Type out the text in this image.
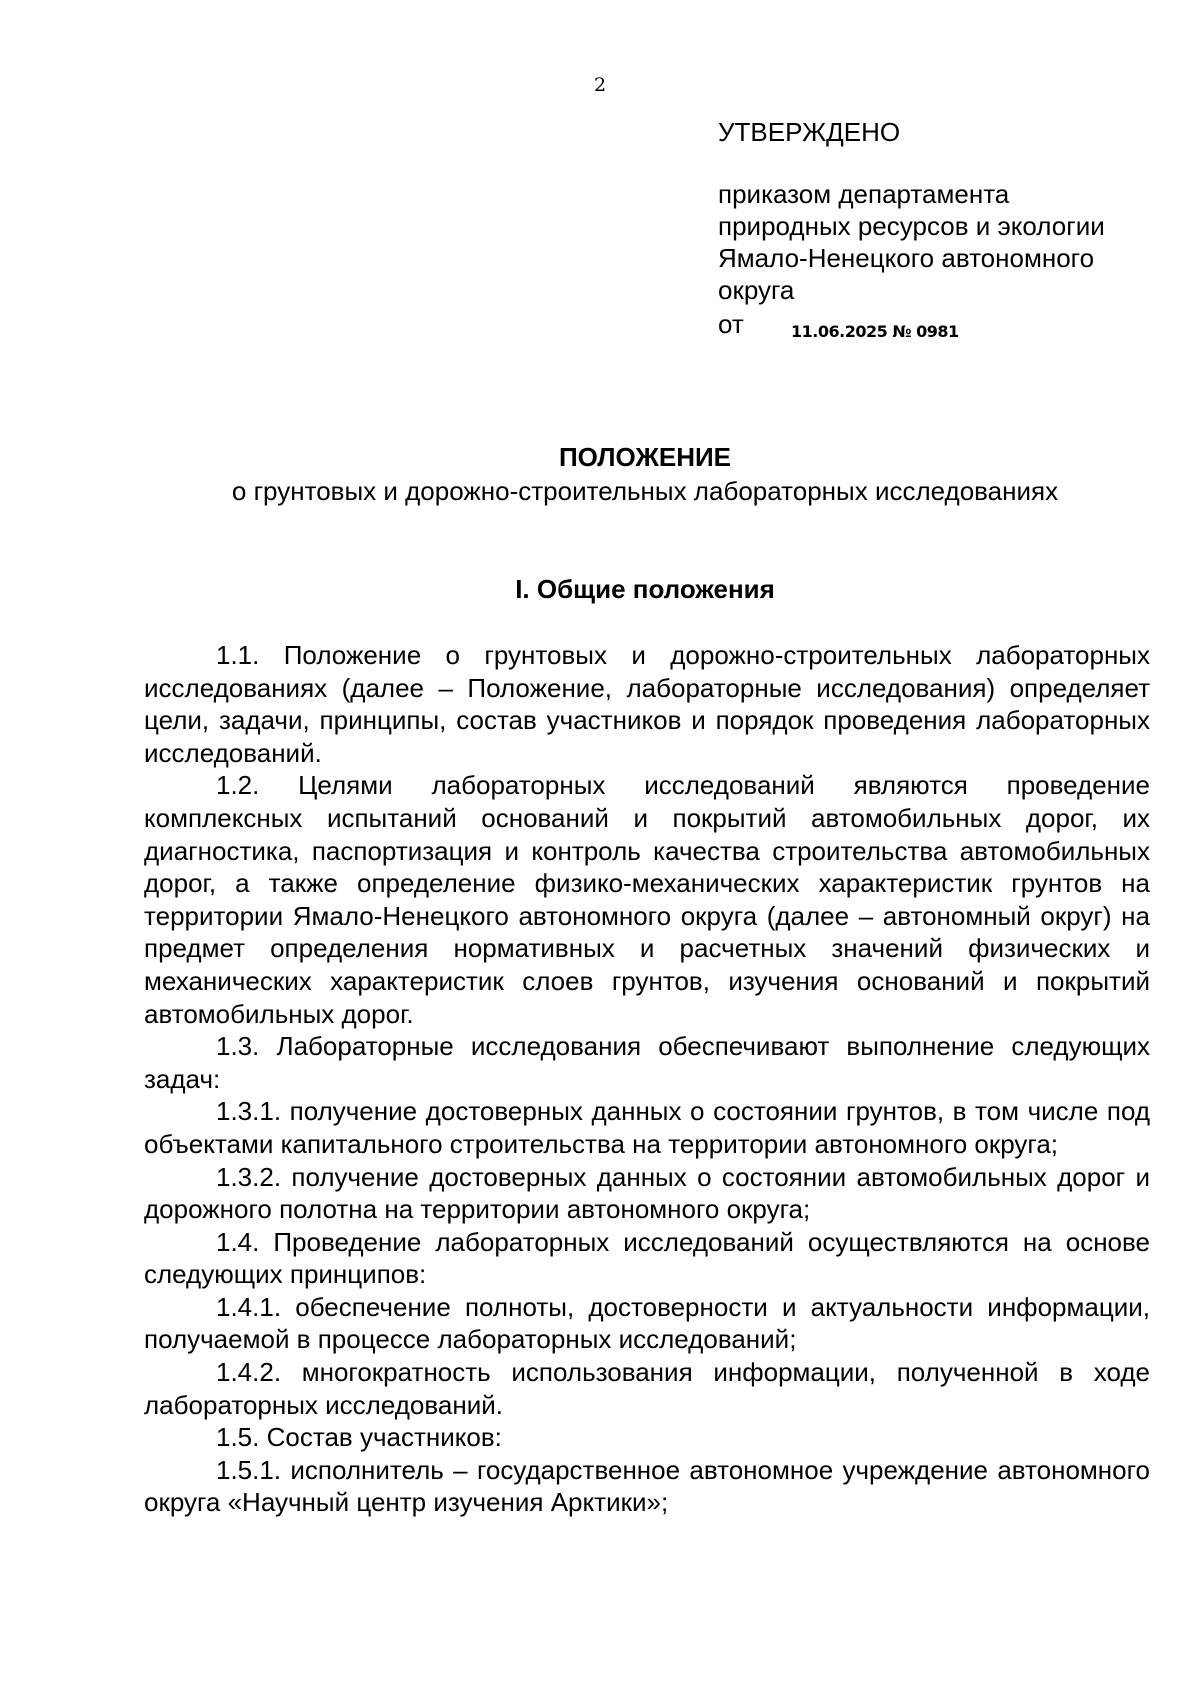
2
УТВЕРЖДЕНО
приказом департамента
природных ресурсов и экологии
Ямало-Ненецкого автономного
округа
от	11.06.2025 № 0981
ПОЛОЖЕНИЕ
о грунтовых и дорожно-строительных лабораторных исследованиях
I. Общие положения

1.1. Положение о грунтовых и дорожно-строительных лабораторных исследованиях (далее – Положение, лабораторные исследования) определяет цели, задачи, принципы, состав участников и порядок проведения лабораторных исследований.

1.2. Целями лабораторных исследований являются проведение комплексных испытаний оснований и покрытий автомобильных дорог, их диагностика, паспортизация и контроль качества строительства автомобильных дорог, а также определение физико-механических характеристик грунтов на территории Ямало-Ненецкого автономного округа (далее – автономный округ) на предмет определения нормативных и расчетных значений физических и механических характеристик слоев грунтов, изучения оснований и покрытий автомобильных дорог.

1.3. Лабораторные исследования обеспечивают выполнение следующих задач:

1.3.1. получение достоверных данных о состоянии грунтов, в том числе под объектами капитального строительства на территории автономного округа;

1.3.2. получение достоверных данных о состоянии автомобильных дорог и дорожного полотна на территории автономного округа;

1.4. Проведение лабораторных исследований осуществляются на основе следующих принципов:

1.4.1. обеспечение полноты, достоверности и актуальности информации, получаемой в процессе лабораторных исследований;

1.4.2. многократность использования информации, полученной в ходе лабораторных исследований.

1.5. Состав участников:

1.5.1. исполнитель – государственное автономное учреждение автономного округа «Научный центр изучения Арктики»;
